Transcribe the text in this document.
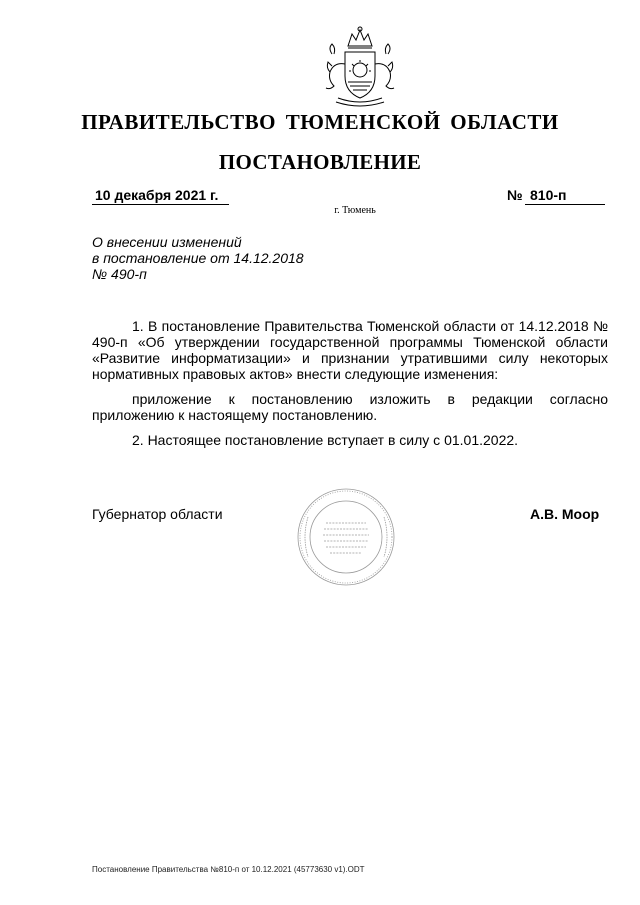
ПРАВИТЕЛЬСТВО ТЮМЕНСКОЙ ОБЛАСТИ
ПОСТАНОВЛЕНИЕ
10 декабря 2021 г.	№ 810-п
г. Тюмень
О внесении изменений
в постановление от 14.12.2018
№ 490-п

1. В постановление Правительства Тюменской области от 14.12.2018 № 490-п «Об утверждении государственной программы Тюменской области «Развитие информатизации» и признании утратившими силу некоторых нормативных правовых актов» внести следующие изменения:

приложение к постановлению изложить в редакции согласно приложению к настоящему постановлению.

2. Настоящее постановление вступает в силу с 01.01.2022.

Губернатор области	А.В. Моор
Постановление Правительства №810-п от 10.12.2021 (45773630 v1).ODT
